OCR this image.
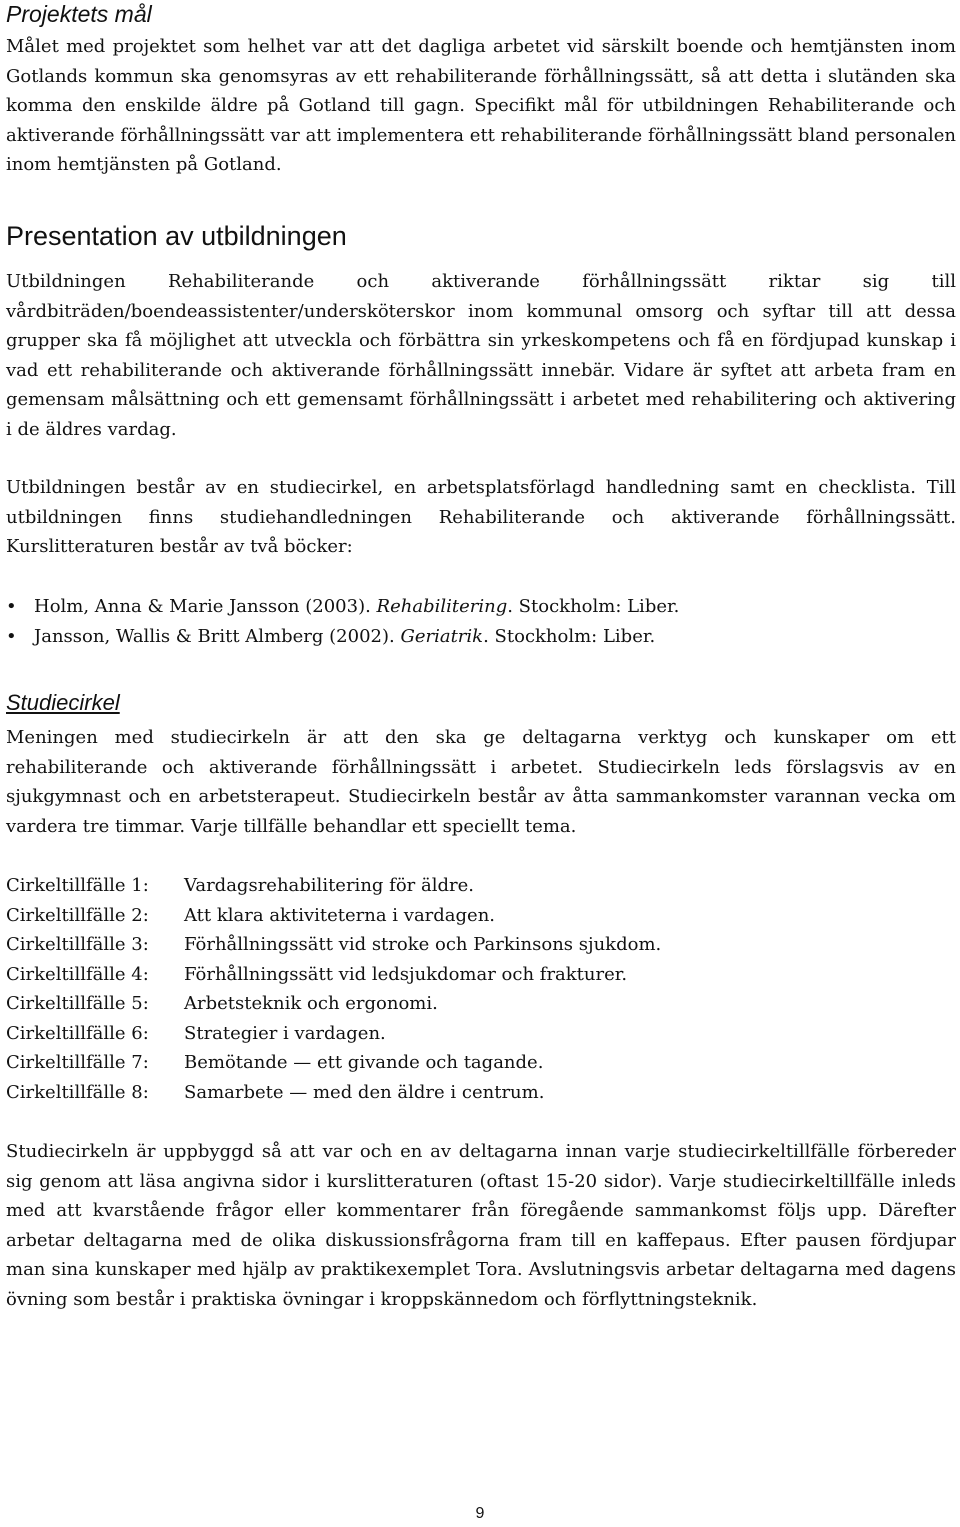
Projektets mål

Målet med projektet som helhet var att det dagliga arbetet vid särskilt boende och hemtjänsten inom Gotlands kommun ska genomsyras av ett rehabiliterande förhållningssätt, så att detta i slutänden ska komma den enskilde äldre på Gotland till gagn. Specifikt mål för utbildningen Rehabiliterande och aktiverande förhållningssätt var att implementera ett rehabiliterande förhållningssätt bland personalen inom hemtjänsten på Gotland.

Presentation av utbildningen

Utbildningen Rehabiliterande och aktiverande förhållningssätt riktar sig till vårdbiträden/boendeassistenter/undersköterskor inom kommunal omsorg och syftar till att dessa grupper ska få möjlighet att utveckla och förbättra sin yrkeskompetens och få en fördjupad kunskap i vad ett rehabiliterande och aktiverande förhållningssätt innebär. Vidare är syftet att arbeta fram en gemensam målsättning och ett gemensamt förhållningssätt i arbetet med rehabilitering och aktivering i de äldres vardag.

Utbildningen består av en studiecirkel, en arbetsplatsförlagd handledning samt en checklista. Till utbildningen finns studiehandledningen Rehabiliterande och aktiverande förhållningssätt. Kurslitteraturen består av två böcker:

• Holm, Anna & Marie Jansson (2003). Rehabilitering. Stockholm: Liber.
• Jansson, Wallis & Britt Almberg (2002). Geriatrik. Stockholm: Liber.
Studiecirkel

Meningen med studiecirkeln är att den ska ge deltagarna verktyg och kunskaper om ett rehabiliterande och aktiverande förhållningssätt i arbetet. Studiecirkeln leds förslagsvis av en sjukgymnast och en arbetsterapeut. Studiecirkeln består av åtta sammankomster varannan vecka om vardera tre timmar. Varje tillfälle behandlar ett speciellt tema.

Cirkeltillfälle 1:	Vardagsrehabilitering för äldre.
Cirkeltillfälle 2:	Att klara aktiviteterna i vardagen.
Cirkeltillfälle 3:	Förhållningssätt vid stroke och Parkinsons sjukdom.
Cirkeltillfälle 4:	Förhållningssätt vid ledsjukdomar och frakturer.
Cirkeltillfälle 5:	Arbetsteknik och ergonomi.
Cirkeltillfälle 6:	Strategier i vardagen.
Cirkeltillfälle 7:	Bemötande — ett givande och tagande.
Cirkeltillfälle 8:	Samarbete — med den äldre i centrum.

Studiecirkeln är uppbyggd så att var och en av deltagarna innan varje studiecirkeltillfälle förbereder sig genom att läsa angivna sidor i kurslitteraturen (oftast 15-20 sidor). Varje studiecirkeltillfälle inleds med att kvarstående frågor eller kommentarer från föregående sammankomst följs upp. Därefter arbetar deltagarna med de olika diskussionsfrågorna fram till en kaffepaus. Efter pausen fördjupar man sina kunskaper med hjälp av praktikexemplet Tora. Avslutningsvis arbetar deltagarna med dagens övning som består i praktiska övningar i kroppskännedom och förflyttningsteknik.

9
